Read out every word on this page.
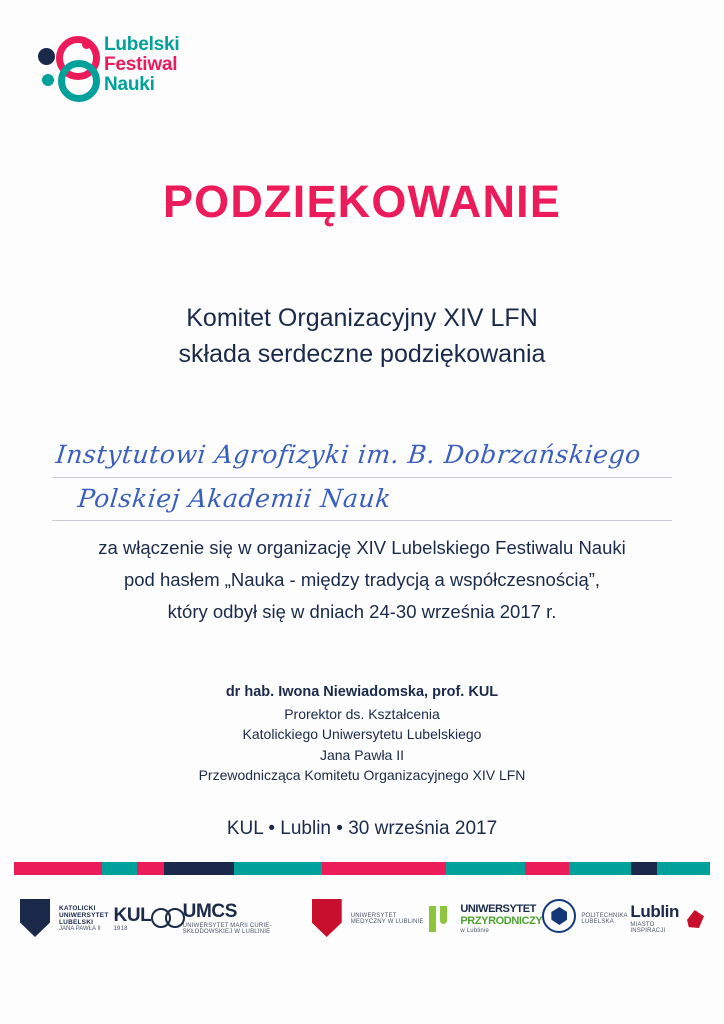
Lubelski
Festiwal
Nauki
PODZIĘKOWANIE
Komitet Organizacyjny XIV LFN
składa serdeczne podziękowania
Instytutowi Agrofizyki im. B. Dobrzańskiego
Polskiej Akademii Nauk
za włączenie się w organizację XIV Lubelskiego Festiwalu Nauki
pod hasłem „Nauka - między tradycją a współczesnością”,
który odbył się w dniach 24-30 września 2017 r.
dr hab. Iwona Niewiadomska, prof. KUL
Prorektor ds. Kształcenia
Katolickiego Uniwersytetu Lubelskiego
Jana Pawła II
Przewodnicząca Komitetu Organizacyjnego XIV LFN
KUL • Lublin • 30 września 2017
KATOLICKI
UNIWERSYTET
LUBELSKI
JANA PAWŁA II
KUL
1918
UMCS
UNIWERSYTET MARII CURIE-SKŁODOWSKIEJ W LUBLINIE
UNIWERSYTET MEDYCZNY W LUBLINIE
UNIWERSYTET
PRZYRODNICZY
w Lublinie
POLITECHNIKA LUBELSKA
Lublin
MIASTO INSPIRACJI
